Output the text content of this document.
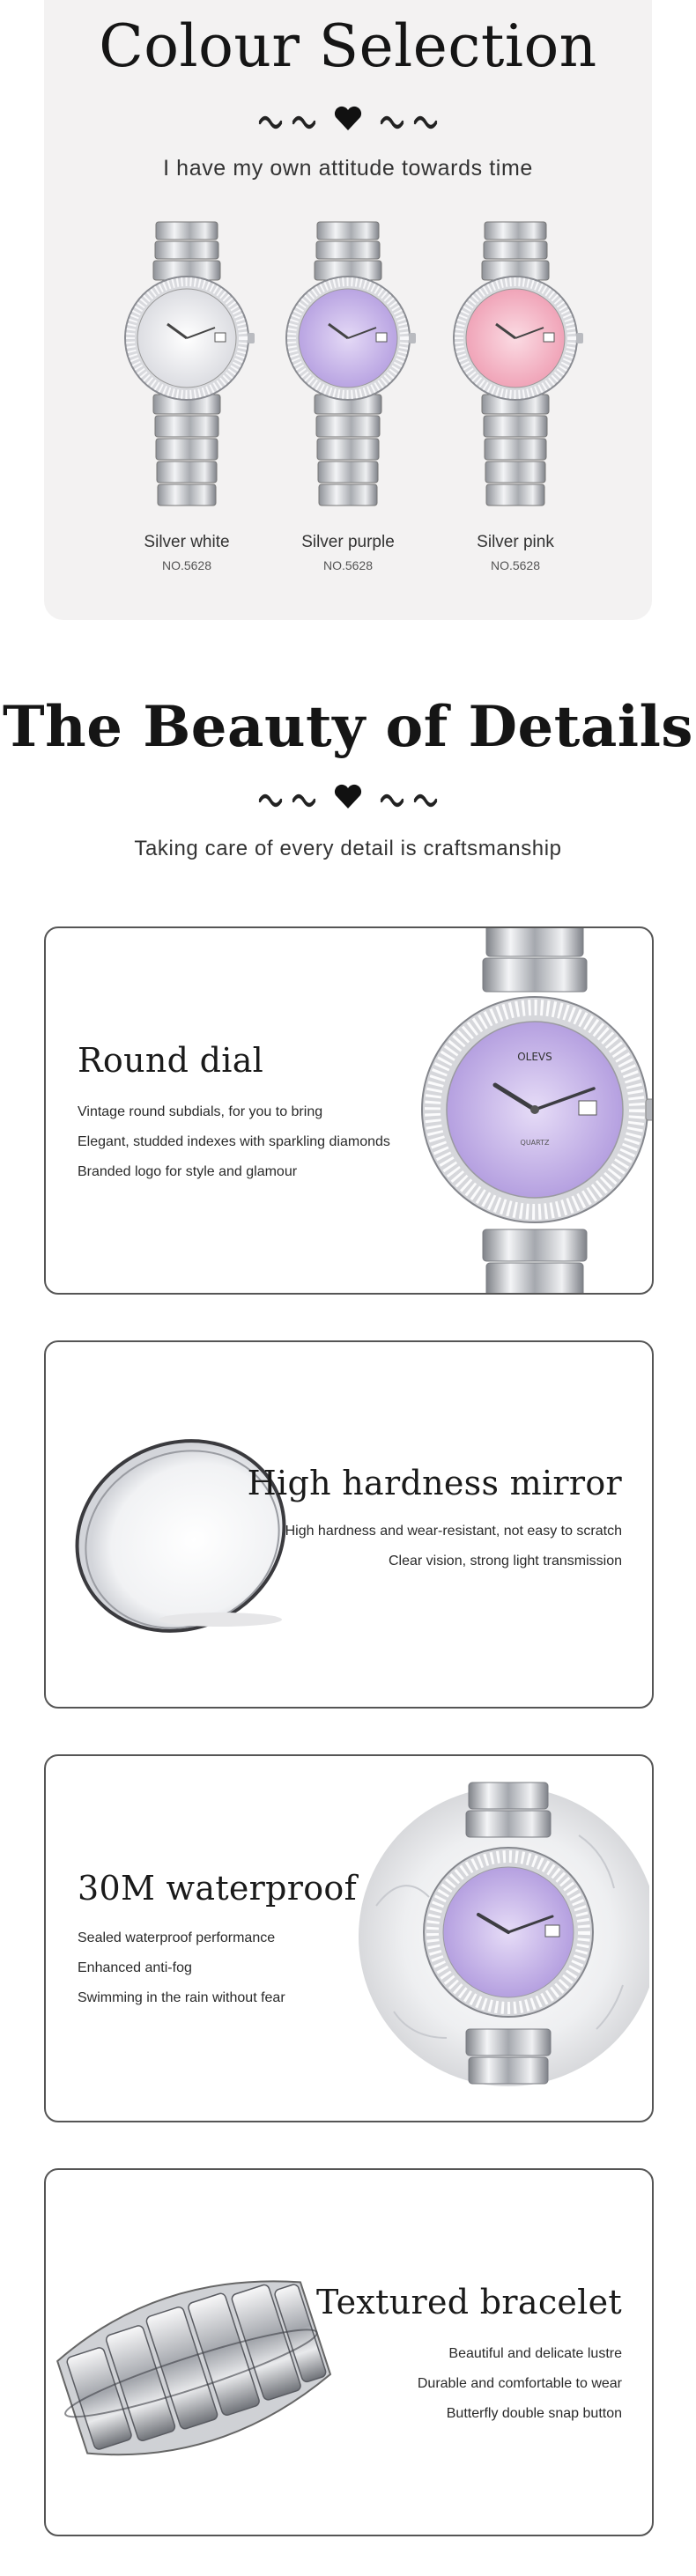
Colour Selection
I have my own attitude towards time
Silver white
NO.5628
Silver purple
NO.5628
Silver pink
NO.5628
The Beauty of Details
Taking care of every detail is craftsmanship
OLEVS
QUARTZ
Round dial
Vintage round subdials, for you to bring
Elegant, studded indexes with sparkling diamonds
Branded logo for style and glamour
High hardness mirror
High hardness and wear-resistant, not easy to scratch
Clear vision, strong light transmission
30M waterproof
Sealed waterproof performance
Enhanced anti-fog
Swimming in the rain without fear
Textured bracelet
Beautiful and delicate lustre
Durable and comfortable to wear
Butterfly double snap button
